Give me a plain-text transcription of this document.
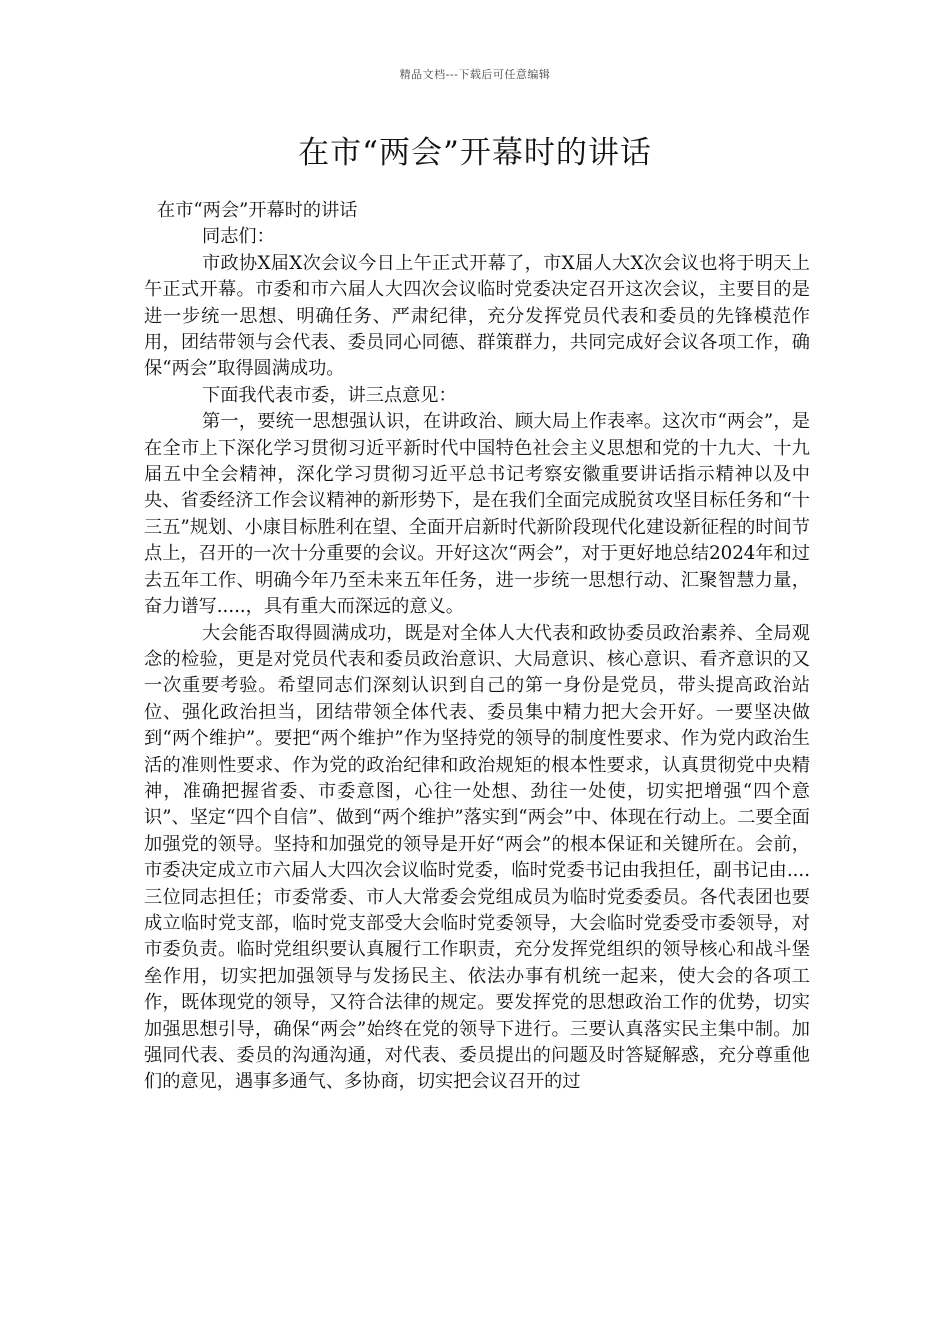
精品文档---下载后可任意编辑
在市“两会”开幕时的讲话

在市“两会”开幕时的讲话

同志们：

市政协X届X次会议今日上午正式开幕了，市X届人大X次会议也将于明天上午正式开幕。市委和市六届人大四次会议临时党委决定召开这次会议，主要目的是进一步统一思想、明确任务、严肃纪律，充分发挥党员代表和委员的先锋模范作用，团结带领与会代表、委员同心同德、群策群力，共同完成好会议各项工作，确保“两会”取得圆满成功。

下面我代表市委，讲三点意见：

第一，要统一思想强认识，在讲政治、顾大局上作表率。这次市“两会”，是在全市上下深化学习贯彻习近平新时代中国特色社会主义思想和党的十九大、十九届五中全会精神，深化学习贯彻习近平总书记考察安徽重要讲话指示精神以及中央、省委经济工作会议精神的新形势下，是在我们全面完成脱贫攻坚目标任务和“十三五”规划、小康目标胜利在望、全面开启新时代新阶段现代化建设新征程的时间节点上，召开的一次十分重要的会议。开好这次“两会”，对于更好地总结2024年和过去五年工作、明确今年乃至未来五年任务，进一步统一思想行动、汇聚智慧力量，奋力谱写.....，具有重大而深远的意义。

大会能否取得圆满成功，既是对全体人大代表和政协委员政治素养、全局观念的检验，更是对党员代表和委员政治意识、大局意识、核心意识、看齐意识的又一次重要考验。希望同志们深刻认识到自己的第一身份是党员，带头提高政治站位、强化政治担当，团结带领全体代表、委员集中精力把大会开好。一要坚决做到“两个维护”。要把“两个维护”作为坚持党的领导的制度性要求、作为党内政治生活的准则性要求、作为党的政治纪律和政治规矩的根本性要求，认真贯彻党中央精神，准确把握省委、市委意图，心往一处想、劲往一处使，切实把增强“四个意识”、坚定“四个自信”、做到“两个维护”落实到“两会”中、体现在行动上。二要全面加强党的领导。坚持和加强党的领导是开好“两会”的根本保证和关键所在。会前，市委决定成立市六届人大四次会议临时党委，临时党委书记由我担任，副书记由....三位同志担任；市委常委、市人大常委会党组成员为临时党委委员。各代表团也要成立临时党支部，临时党支部受大会临时党委领导，大会临时党委受市委领导，对市委负责。临时党组织要认真履行工作职责，充分发挥党组织的领导核心和战斗堡垒作用，切实把加强领导与发扬民主、依法办事有机统一起来，使大会的各项工作，既体现党的领导，又符合法律的规定。要发挥党的思想政治工作的优势，切实加强思想引导，确保“两会”始终在党的领导下进行。三要认真落实民主集中制。加强同代表、委员的沟通沟通，对代表、委员提出的问题及时答疑解惑，充分尊重他们的意见，遇事多通气、多协商，切实把会议召开的过
